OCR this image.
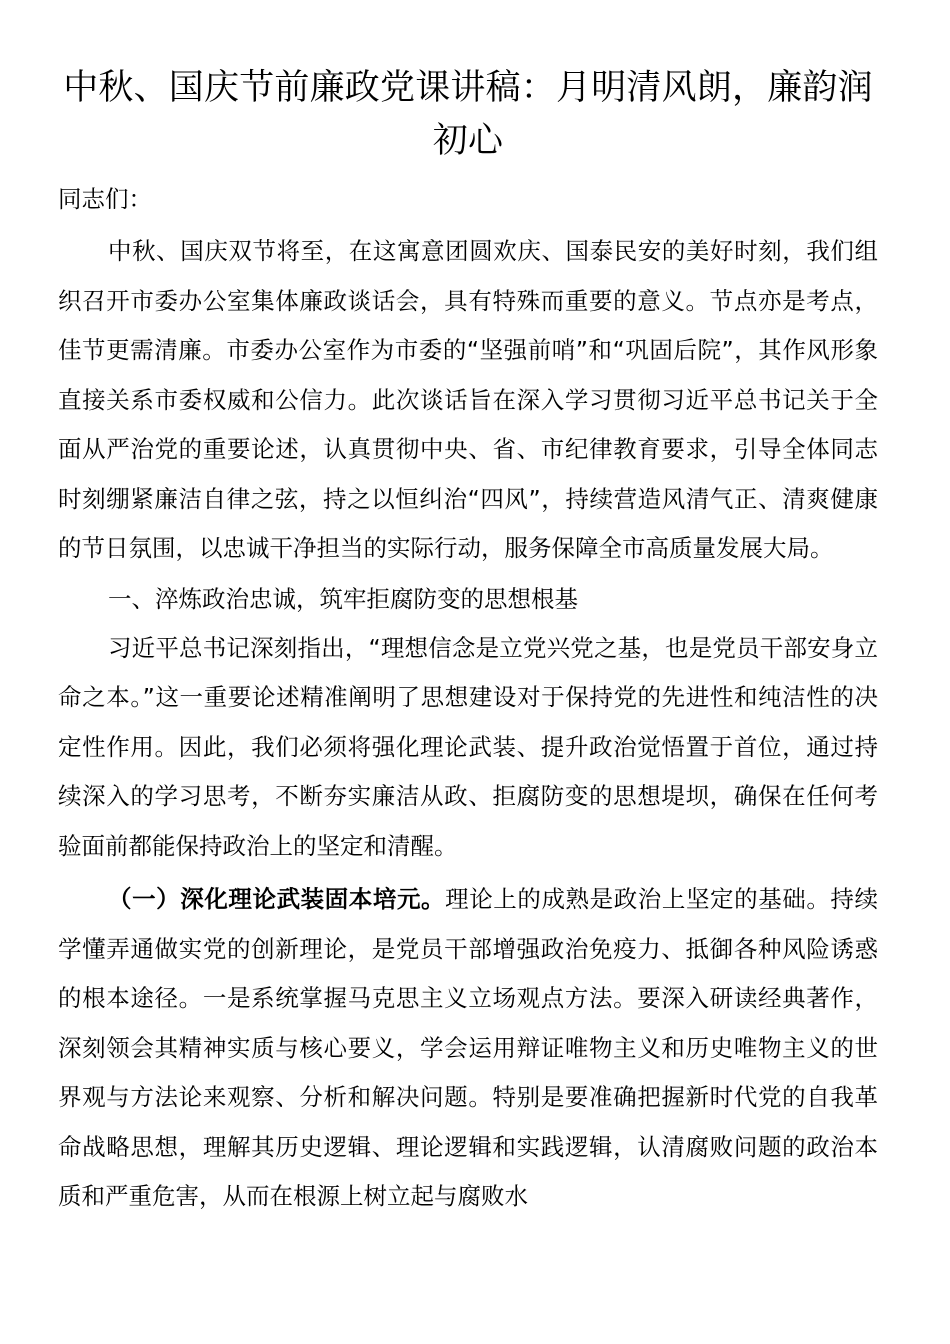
中秋、国庆节前廉政党课讲稿：月明清风朗，廉韵润初心

同志们：

中秋、国庆双节将至，在这寓意团圆欢庆、国泰民安的美好时刻，我们组织召开市委办公室集体廉政谈话会，具有特殊而重要的意义。节点亦是考点，佳节更需清廉。市委办公室作为市委的“坚强前哨”和“巩固后院”，其作风形象直接关系市委权威和公信力。此次谈话旨在深入学习贯彻习近平总书记关于全面从严治党的重要论述，认真贯彻中央、省、市纪律教育要求，引导全体同志时刻绷紧廉洁自律之弦，持之以恒纠治“四风”，持续营造风清气正、清爽健康的节日氛围，以忠诚干净担当的实际行动，服务保障全市高质量发展大局。

一、淬炼政治忠诚，筑牢拒腐防变的思想根基

习近平总书记深刻指出，“理想信念是立党兴党之基，也是党员干部安身立命之本。”这一重要论述精准阐明了思想建设对于保持党的先进性和纯洁性的决定性作用。因此，我们必须将强化理论武装、提升政治觉悟置于首位，通过持续深入的学习思考，不断夯实廉洁从政、拒腐防变的思想堤坝，确保在任何考验面前都能保持政治上的坚定和清醒。

（一）深化理论武装固本培元。理论上的成熟是政治上坚定的基础。持续学懂弄通做实党的创新理论，是党员干部增强政治免疫力、抵御各种风险诱惑的根本途径。一是系统掌握马克思主义立场观点方法。要深入研读经典著作，深刻领会其精神实质与核心要义，学会运用辩证唯物主义和历史唯物主义的世界观与方法论来观察、分析和解决问题。特别是要准确把握新时代党的自我革命战略思想，理解其历史逻辑、理论逻辑和实践逻辑，认清腐败问题的政治本质和严重危害，从而在根源上树立起与腐败水
